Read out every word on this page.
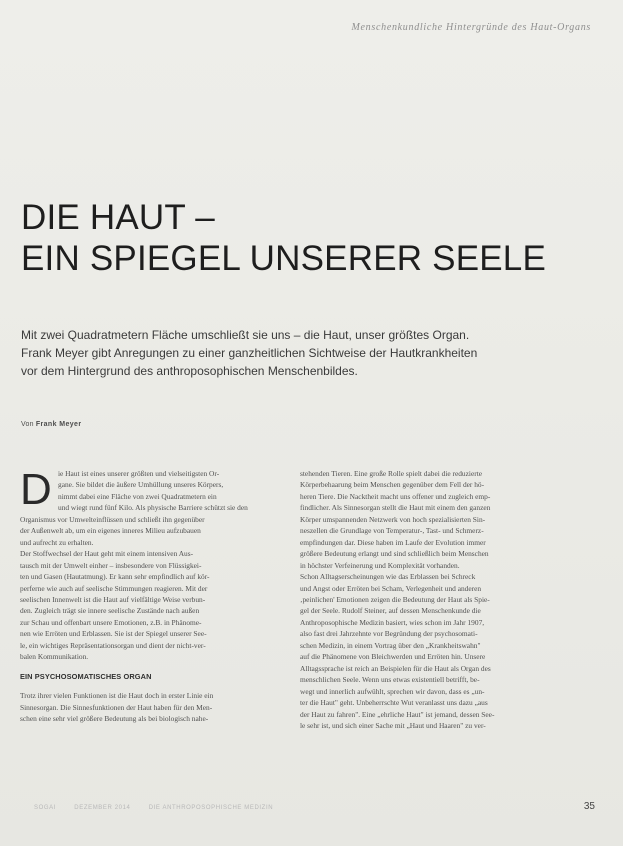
Menschenkundliche Hintergründe des Haut-Organs
DIE HAUT –
EIN SPIEGEL UNSERER SEELE
Mit zwei Quadratmetern Fläche umschließt sie uns – die Haut, unser größtes Organ.
Frank Meyer gibt Anregungen zu einer ganzheitlichen Sichtweise der Hautkrankheiten
vor dem Hintergrund des anthroposophischen Menschenbildes.
Von Frank Meyer
D ie Haut ist eines unserer größten und vielseitigsten Or-
gane. Sie bildet die äußere Umhüllung unseres Körpers,
nimmt dabei eine Fläche von zwei Quadratmetern ein
und wiegt rund fünf Kilo. Als physische Barriere schützt sie den
Organismus vor Umwelteinflüssen und schließt ihn gegenüber
der Außenwelt ab, um ein eigenes inneres Milieu aufzubauen
und aufrecht zu erhalten.
Der Stoffwechsel der Haut geht mit einem intensiven Aus-
tausch mit der Umwelt einher – insbesondere von Flüssigkei-
ten und Gasen (Hautatmung). Er kann sehr empfindlich auf kör-
perferne wie auch auf seelische Stimmungen reagieren. Mit der
seelischen Innenwelt ist die Haut auf vielfältige Weise verbun-
den. Zugleich trägt sie innere seelische Zustände nach außen
zur Schau und offenbart unsere Emotionen, z.B. in Phänome-
nen wie Erröten und Erblassen. Sie ist der Spiegel unserer See-
le, ein wichtiges Repräsentationsorgan und dient der nicht-ver-
balen Kommunikation.
EIN PSYCHOSOMATISCHES ORGAN
Trotz ihrer vielen Funktionen ist die Haut doch in erster Linie ein
Sinnesorgan. Die Sinnesfunktionen der Haut haben für den Men-
schen eine sehr viel größere Bedeutung als bei biologisch nahe-
stehenden Tieren. Eine große Rolle spielt dabei die reduzierte
Körperbehaarung beim Menschen gegenüber dem Fell der hö-
heren Tiere. Die Nacktheit macht uns offener und zugleich emp-
findlicher. Als Sinnesorgan stellt die Haut mit einem den ganzen
Körper umspannenden Netzwerk von hoch spezialisierten Sin-
neszellen die Grundlage von Temperatur-, Tast- und Schmerz-
empfindungen dar. Diese haben im Laufe der Evolution immer
größere Bedeutung erlangt und sind schließlich beim Menschen
in höchster Verfeinerung und Komplexität vorhanden.
Schon Alltagserscheinungen wie das Erblassen bei Schreck
und Angst oder Erröten bei Scham, Verlegenheit und anderen
‚peinlichen' Emotionen zeigen die Bedeutung der Haut als Spie-
gel der Seele. Rudolf Steiner, auf dessen Menschenkunde die
Anthroposophische Medizin basiert, wies schon im Jahr 1907,
also fast drei Jahrzehnte vor Begründung der psychosomati-
schen Medizin, in einem Vortrag über den „Krankheitswahn"
auf die Phänomene von Bleichwerden und Erröten hin. Unsere
Alltagssprache ist reich an Beispielen für die Haut als Organ des
menschlichen Seele. Wenn uns etwas existentiell betrifft, be-
wegt und innerlich aufwühlt, sprechen wir davon, dass es „un-
ter die Haut" geht. Unbeherrschte Wut veranlasst uns dazu „aus
der Haut zu fahren". Eine „ehrliche Haut" ist jemand, dessen See-
le sehr ist, und sich einer Sache mit „Haut und Haaren" zu ver-
SOGAI	DEZEMBER 2014	DIE ANTHROPOSOPHISCHE MEDIZIN	35
